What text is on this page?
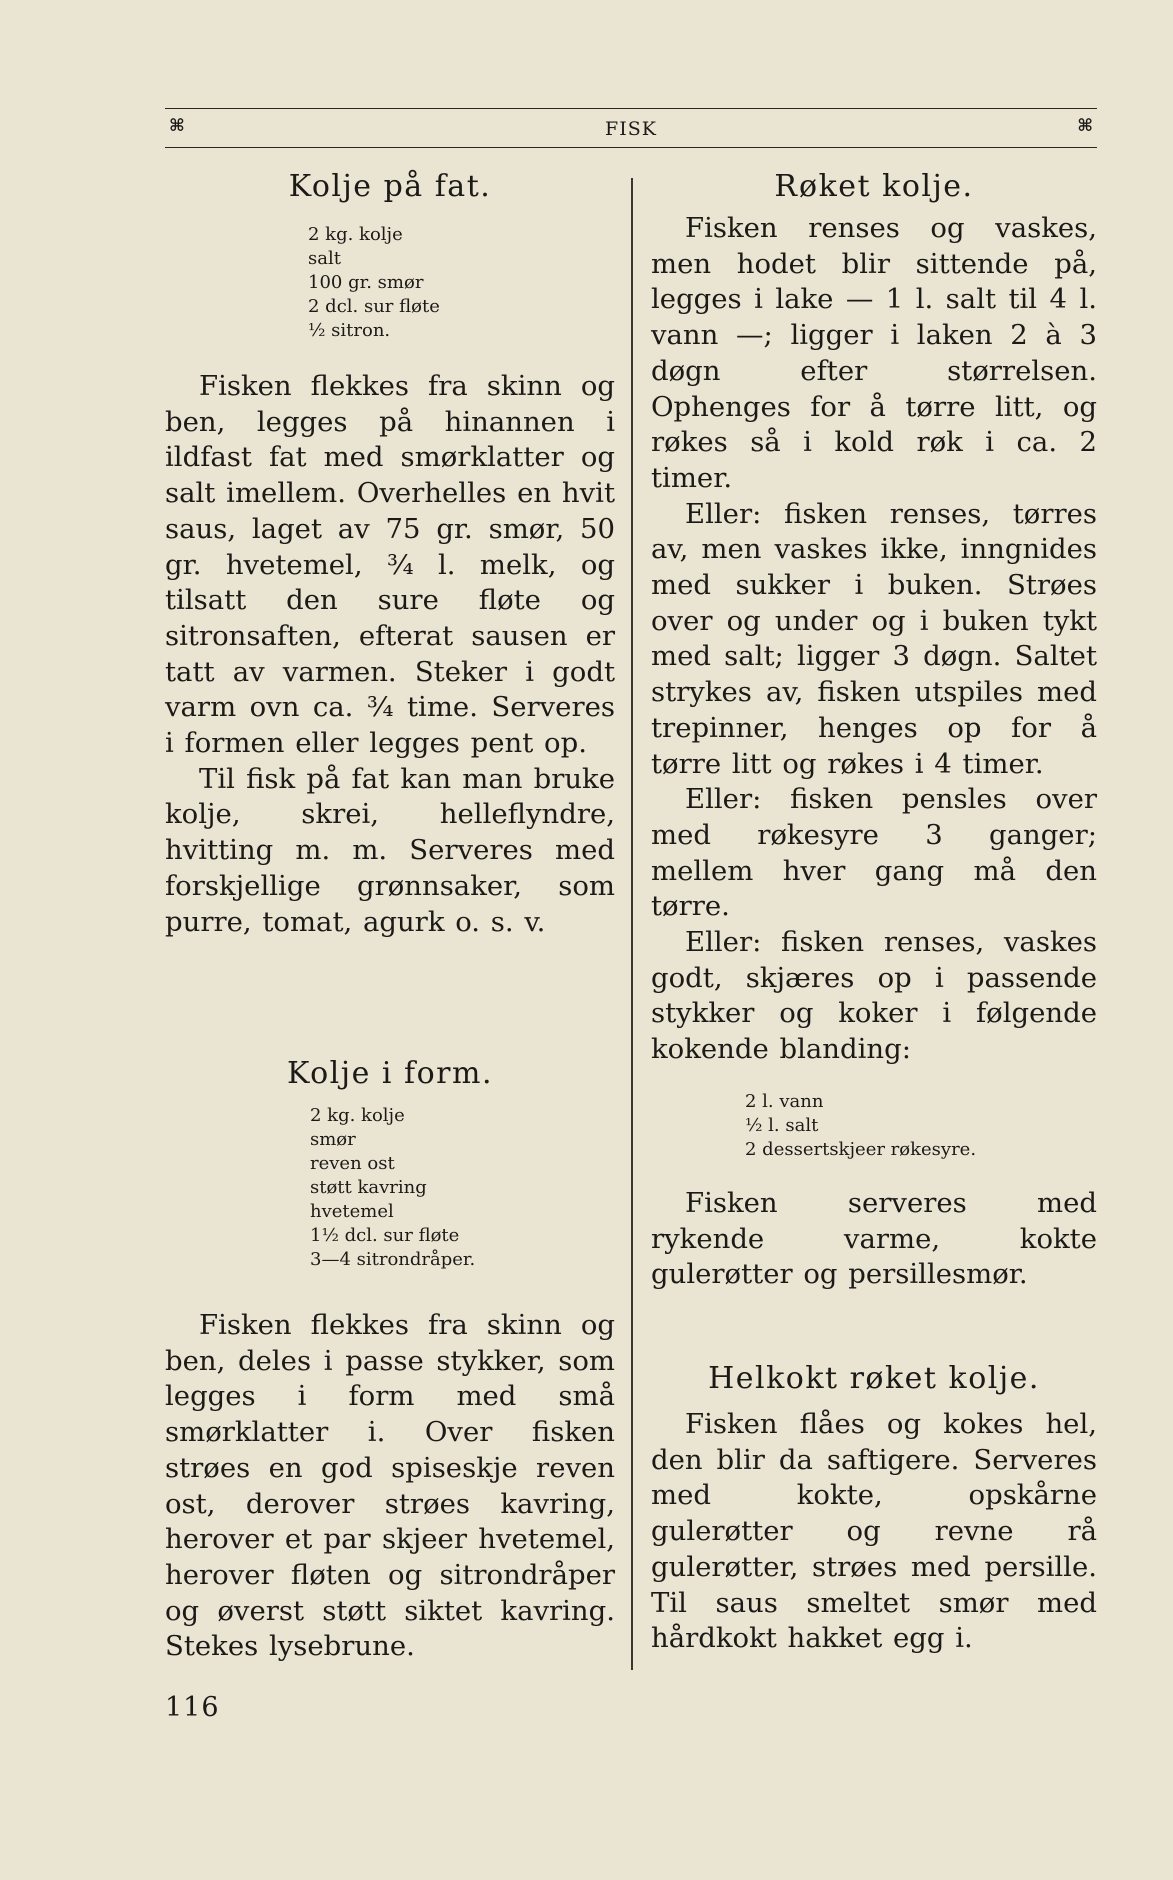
⌘	FISK	⌘
Kolje på fat.
2 kg. kolje
salt
100 gr. smør
2 dcl. sur fløte
½ sitron.

Fisken flekkes fra skinn og ben, legges på hinannen i ildfast fat med smørklatter og salt imellem. Overhelles en hvit saus, laget av 75 gr. smør, 50 gr. hvetemel, ¾ l. melk, og tilsatt den sure fløte og sitronsaften, efterat sausen er tatt av varmen. Steker i godt varm ovn ca. ¾ time. Serveres i formen eller legges pent op.

Til fisk på fat kan man bruke kolje, skrei, helleflyndre, hvitting m. m. Serveres med forskjellige grønnsaker, som purre, tomat, agurk o. s. v.

Kolje i form.
2 kg. kolje
smør
reven ost
støtt kavring
hvetemel
1½ dcl. sur fløte
3—4 sitrondråper.

Fisken flekkes fra skinn og ben, deles i passe stykker, som legges i form med små smørklatter i. Over fisken strøes en god spiseskje reven ost, derover strøes kavring, herover et par skjeer hvetemel, herover fløten og sitrondråper og øverst støtt siktet kavring. Stekes lysebrune.

Røket kolje.

Fisken renses og vaskes, men hodet blir sittende på, legges i lake — 1 l. salt til 4 l. vann —; ligger i laken 2 à 3 døgn efter størrelsen. Ophenges for å tørre litt, og røkes så i kold røk i ca. 2 timer.

Eller: fisken renses, tørres av, men vaskes ikke, inngnides med sukker i buken. Strøes over og under og i buken tykt med salt; ligger 3 døgn. Saltet strykes av, fisken utspiles med trepinner, henges op for å tørre litt og røkes i 4 timer.

Eller: fisken pensles over med røkesyre 3 ganger; mellem hver gang må den tørre.

Eller: fisken renses, vaskes godt, skjæres op i passende stykker og koker i følgende kokende blanding:

2 l. vann
½ l. salt
2 dessertskjeer røkesyre.

Fisken serveres med rykende varme, kokte gulerøtter og persillesmør.

Helkokt røket kolje.

Fisken flåes og kokes hel, den blir da saftigere. Serveres med kokte, opskårne gulerøtter og revne rå gulerøtter, strøes med persille. Til saus smeltet smør med hårdkokt hakket egg i.

116
